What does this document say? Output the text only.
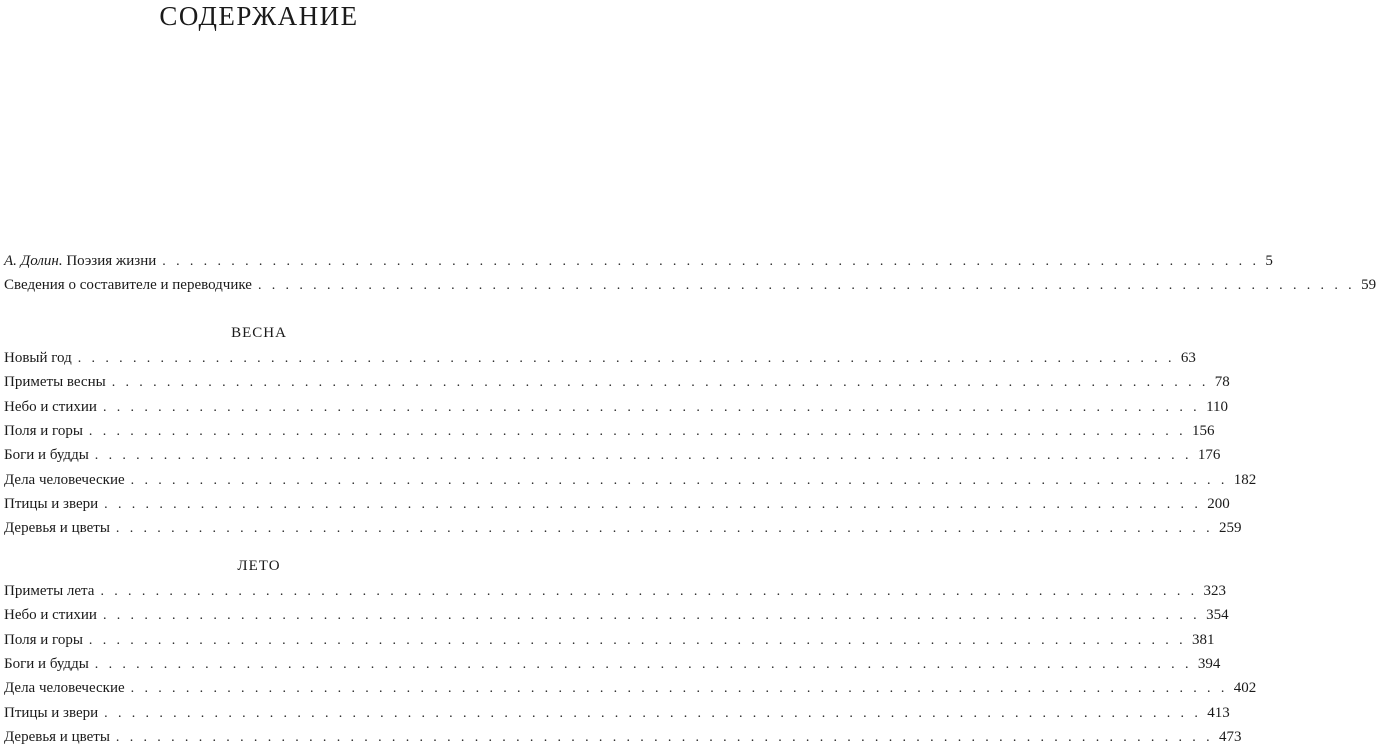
СОДЕРЖАНИЕ
А. Долин. Поэзия жизни . . . . . . . . . . . . . . . . . . . . . . . . . . . . . . . . . . . . . . . . . . . . . . . . . . . . . . . . . . . . . . . . . . . . . . . . . . . . . . . . 5
Сведения о составителе и переводчике . . . . . . . . . . . . . . . . . . . . . . . . . . . . . . . . . . . . . . . . . . . . . . . . . . . . . . . . . . . . . . . . . . . . . . . . . . . . . . . . 59
ВЕСНА
Новый год . . . . . . . . . . . . . . . . . . . . . . . . . . . . . . . . . . . . . . . . . . . . . . . . . . . . . . . . . . . . . . . . . . . . . . . . . . . . . . . . 63
Приметы весны . . . . . . . . . . . . . . . . . . . . . . . . . . . . . . . . . . . . . . . . . . . . . . . . . . . . . . . . . . . . . . . . . . . . . . . . . . . . . . . . 78
Небо и стихии . . . . . . . . . . . . . . . . . . . . . . . . . . . . . . . . . . . . . . . . . . . . . . . . . . . . . . . . . . . . . . . . . . . . . . . . . . . . . . . . 110
Поля и горы . . . . . . . . . . . . . . . . . . . . . . . . . . . . . . . . . . . . . . . . . . . . . . . . . . . . . . . . . . . . . . . . . . . . . . . . . . . . . . . . 156
Боги и будды . . . . . . . . . . . . . . . . . . . . . . . . . . . . . . . . . . . . . . . . . . . . . . . . . . . . . . . . . . . . . . . . . . . . . . . . . . . . . . . . 176
Дела человеческие . . . . . . . . . . . . . . . . . . . . . . . . . . . . . . . . . . . . . . . . . . . . . . . . . . . . . . . . . . . . . . . . . . . . . . . . . . . . . . . . 182
Птицы и звери . . . . . . . . . . . . . . . . . . . . . . . . . . . . . . . . . . . . . . . . . . . . . . . . . . . . . . . . . . . . . . . . . . . . . . . . . . . . . . . . 200
Деревья и цветы . . . . . . . . . . . . . . . . . . . . . . . . . . . . . . . . . . . . . . . . . . . . . . . . . . . . . . . . . . . . . . . . . . . . . . . . . . . . . . . . 259
ЛЕТО
Приметы лета . . . . . . . . . . . . . . . . . . . . . . . . . . . . . . . . . . . . . . . . . . . . . . . . . . . . . . . . . . . . . . . . . . . . . . . . . . . . . . . . 323
Небо и стихии . . . . . . . . . . . . . . . . . . . . . . . . . . . . . . . . . . . . . . . . . . . . . . . . . . . . . . . . . . . . . . . . . . . . . . . . . . . . . . . . 354
Поля и горы . . . . . . . . . . . . . . . . . . . . . . . . . . . . . . . . . . . . . . . . . . . . . . . . . . . . . . . . . . . . . . . . . . . . . . . . . . . . . . . . 381
Боги и будды . . . . . . . . . . . . . . . . . . . . . . . . . . . . . . . . . . . . . . . . . . . . . . . . . . . . . . . . . . . . . . . . . . . . . . . . . . . . . . . . 394
Дела человеческие . . . . . . . . . . . . . . . . . . . . . . . . . . . . . . . . . . . . . . . . . . . . . . . . . . . . . . . . . . . . . . . . . . . . . . . . . . . . . . . . 402
Птицы и звери . . . . . . . . . . . . . . . . . . . . . . . . . . . . . . . . . . . . . . . . . . . . . . . . . . . . . . . . . . . . . . . . . . . . . . . . . . . . . . . . 413
Деревья и цветы . . . . . . . . . . . . . . . . . . . . . . . . . . . . . . . . . . . . . . . . . . . . . . . . . . . . . . . . . . . . . . . . . . . . . . . . . . . . . . . . 473
